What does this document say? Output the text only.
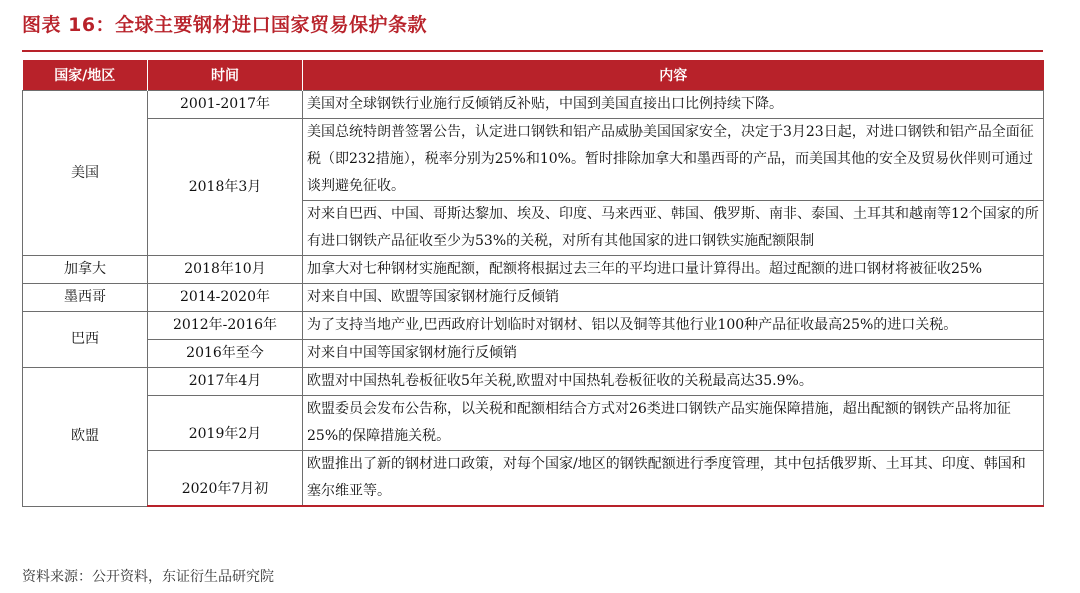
图表 16：全球主要钢材进口国家贸易保护条款
国家/地区	时间	内容
美国	2001-2017年	美国对全球钢铁行业施行反倾销反补贴，中国到美国直接出口比例持续下降。
	2018年3月	美国总统特朗普签署公告，认定进口钢铁和铝产品威胁美国国家安全，决定于3月23日起，对进口钢铁和铝产品全面征税（即232措施），税率分别为25%和10%。暂时排除加拿大和墨西哥的产品，而美国其他的安全及贸易伙伴则可通过谈判避免征收。
		对来自巴西、中国、哥斯达黎加、埃及、印度、马来西亚、韩国、俄罗斯、南非、泰国、土耳其和越南等12个国家的所有进口钢铁产品征收至少为53%的关税，对所有其他国家的进口钢铁实施配额限制
加拿大	2018年10月	加拿大对七种钢材实施配额，配额将根据过去三年的平均进口量计算得出。超过配额的进口钢材将被征收25%
墨西哥	2014-2020年	对来自中国、欧盟等国家钢材施行反倾销
巴西	2012年-2016年	为了支持当地产业,巴西政府计划临时对钢材、铝以及铜等其他行业100种产品征收最高25%的进口关税。
	2016年至今	对来自中国等国家钢材施行反倾销
欧盟	2017年4月	欧盟对中国热轧卷板征收5年关税,欧盟对中国热轧卷板征收的关税最高达35.9%。
	2019年2月	欧盟委员会发布公告称，以关税和配额相结合方式对26类进口钢铁产品实施保障措施，超出配额的钢铁产品将加征25%的保障措施关税。
	2020年7月初	欧盟推出了新的钢材进口政策，对每个国家/地区的钢铁配额进行季度管理，其中包括俄罗斯、土耳其、印度、韩国和塞尔维亚等。
资料来源：公开资料，东证衍生品研究院
